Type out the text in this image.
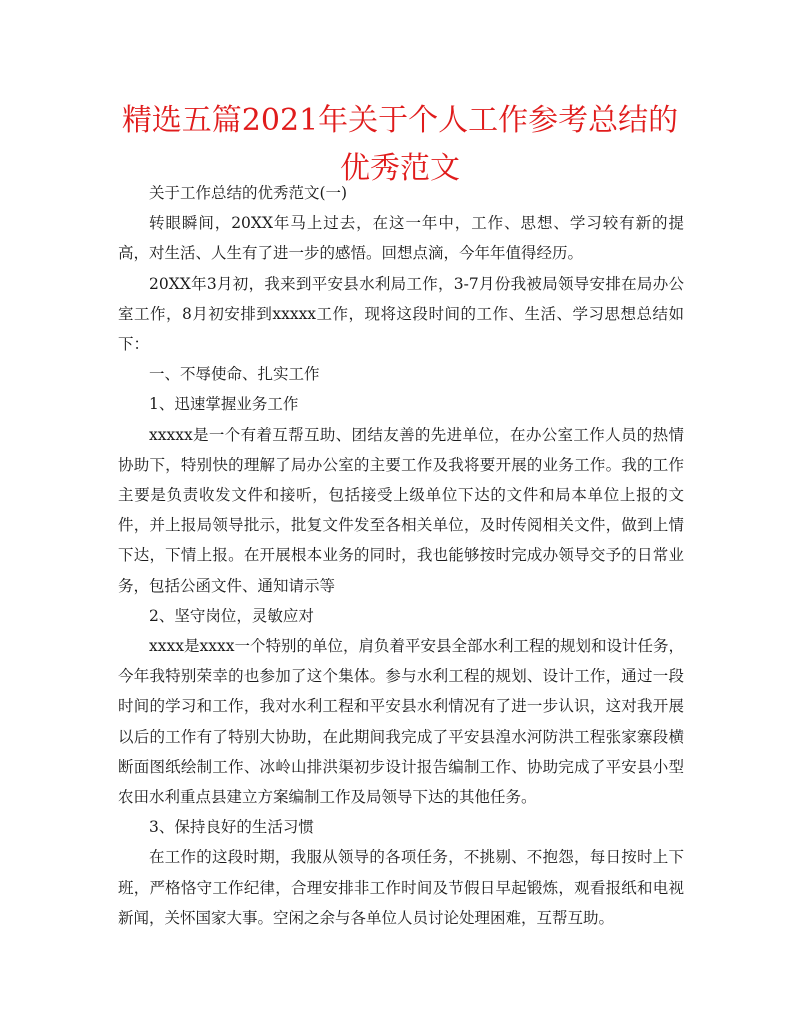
精选五篇2021年关于个人工作参考总结的优秀范文

关于工作总结的优秀范文(一)

转眼瞬间，20XX年马上过去，在这一年中，工作、思想、学习较有新的提高，对生活、人生有了进一步的感悟。回想点滴，今年年值得经历。

20XX年3月初，我来到平安县水利局工作，3-7月份我被局领导安排在局办公室工作，8月初安排到xxxxx工作，现将这段时间的工作、生活、学习思想总结如下：

一、不辱使命、扎实工作

1、迅速掌握业务工作

xxxxx是一个有着互帮互助、团结友善的先进单位，在办公室工作人员的热情协助下，特别快的理解了局办公室的主要工作及我将要开展的业务工作。我的工作主要是负责收发文件和接听，包括接受上级单位下达的文件和局本单位上报的文件，并上报局领导批示，批复文件发至各相关单位，及时传阅相关文件，做到上情下达，下情上报。在开展根本业务的同时，我也能够按时完成办领导交予的日常业务，包括公函文件、通知请示等

2、坚守岗位，灵敏应对

xxxx是xxxx一个特别的单位，肩负着平安县全部水利工程的规划和设计任务，今年我特别荣幸的也参加了这个集体。参与水利工程的规划、设计工作，通过一段时间的学习和工作，我对水利工程和平安县水利情况有了进一步认识，这对我开展以后的工作有了特别大协助，在此期间我完成了平安县湟水河防洪工程张家寨段横断面图纸绘制工作、冰岭山排洪渠初步设计报告编制工作、协助完成了平安县小型农田水利重点县建立方案编制工作及局领导下达的其他任务。

3、保持良好的生活习惯

在工作的这段时期，我服从领导的各项任务，不挑剔、不抱怨，每日按时上下班，严格恪守工作纪律，合理安排非工作时间及节假日早起锻炼，观看报纸和电视新闻，关怀国家大事。空闲之余与各单位人员讨论处理困难，互帮互助。
